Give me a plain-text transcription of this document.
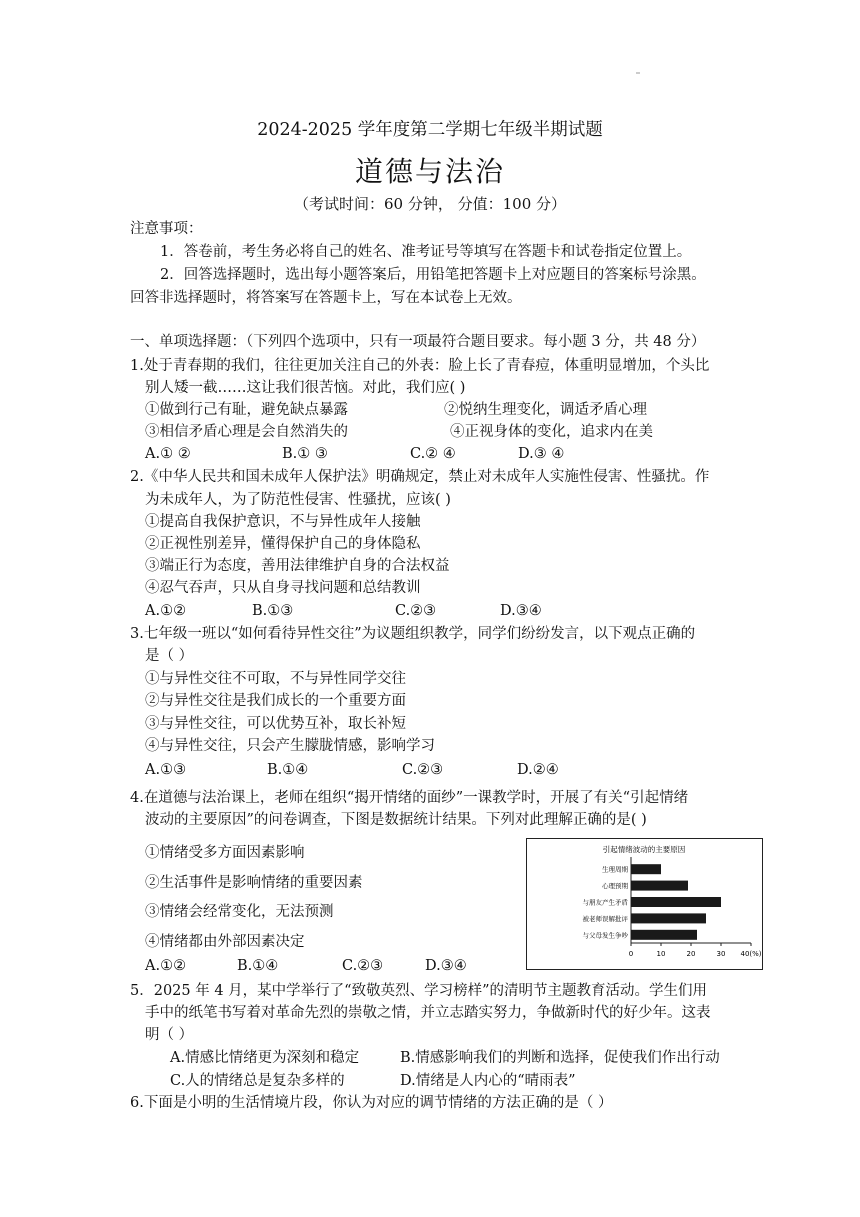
2024-2025 学年度第二学期七年级半期试题
道德与法治
（考试时间：60 分钟， 分值：100 分）
注意事项：
1．答卷前，考生务必将自己的姓名、准考证号等填写在答题卡和试卷指定位置上。
2．回答选择题时，选出每小题答案后，用铅笔把答题卡上对应题目的答案标号涂黑。
回答非选择题时，将答案写在答题卡上，写在本试卷上无效。
一、单项选择题：（下列四个选项中，只有一项最符合题目要求。每小题 3 分，共 48 分）
1.处于青春期的我们，往往更加关注自己的外表：脸上长了青春痘，体重明显增加，个头比
别人矮一截……这让我们很苦恼。对此，我们应( )
①做到行己有耻，避免缺点暴露	②悦纳生理变化，调适矛盾心理
③相信矛盾心理是会自然消失的	④正视身体的变化，追求内在美
A.① ②	B.① ③	C.② ④	D.③ ④
2.《中华人民共和国未成年人保护法》明确规定，禁止对未成年人实施性侵害、性骚扰。作
为未成年人，为了防范性侵害、性骚扰，应该( )
①提高自我保护意识，不与异性成年人接触
②正视性别差异，懂得保护自己的身体隐私
③端正行为态度，善用法律维护自身的合法权益
④忍气吞声，只从自身寻找问题和总结教训
A.①②	B.①③	C.②③	D.③④
3.七年级一班以“如何看待异性交往”为议题组织教学，同学们纷纷发言，以下观点正确的
是（ ）
①与异性交往不可取，不与异性同学交往
②与异性交往是我们成长的一个重要方面
③与异性交往，可以优势互补，取长补短
④与异性交往，只会产生朦胧情感，影响学习
A.①③	B.①④	C.②③	D.②④
4.在道德与法治课上，老师在组织“揭开情绪的面纱”一课教学时，开展了有关“引起情绪
波动的主要原因”的问卷调查，下图是数据统计结果。下列对此理解正确的是( )
①情绪受多方面因素影响
②生活事件是影响情绪的重要因素
③情绪会经常变化，无法预测
④情绪都由外部因素决定
A.①②	B.①④	C.②③	D.③④
引起情绪波动的主要原因
生理周期
心理预期
与朋友产生矛盾
被老师误解批评
与父母发生争吵
0	10	20	30 40(%)
5．2025 年 4 月，某中学举行了“致敬英烈、学习榜样”的清明节主题教育活动。学生们用
手中的纸笔书写着对革命先烈的崇敬之情，并立志踏实努力，争做新时代的好少年。这表
明（ ）
A.情感比情绪更为深刻和稳定	B.情感影响我们的判断和选择，促使我们作出行动
C.人的情绪总是复杂多样的	D.情绪是人内心的“晴雨表”
6.下面是小明的生活情境片段，你认为对应的调节情绪的方法正确的是（ ）
